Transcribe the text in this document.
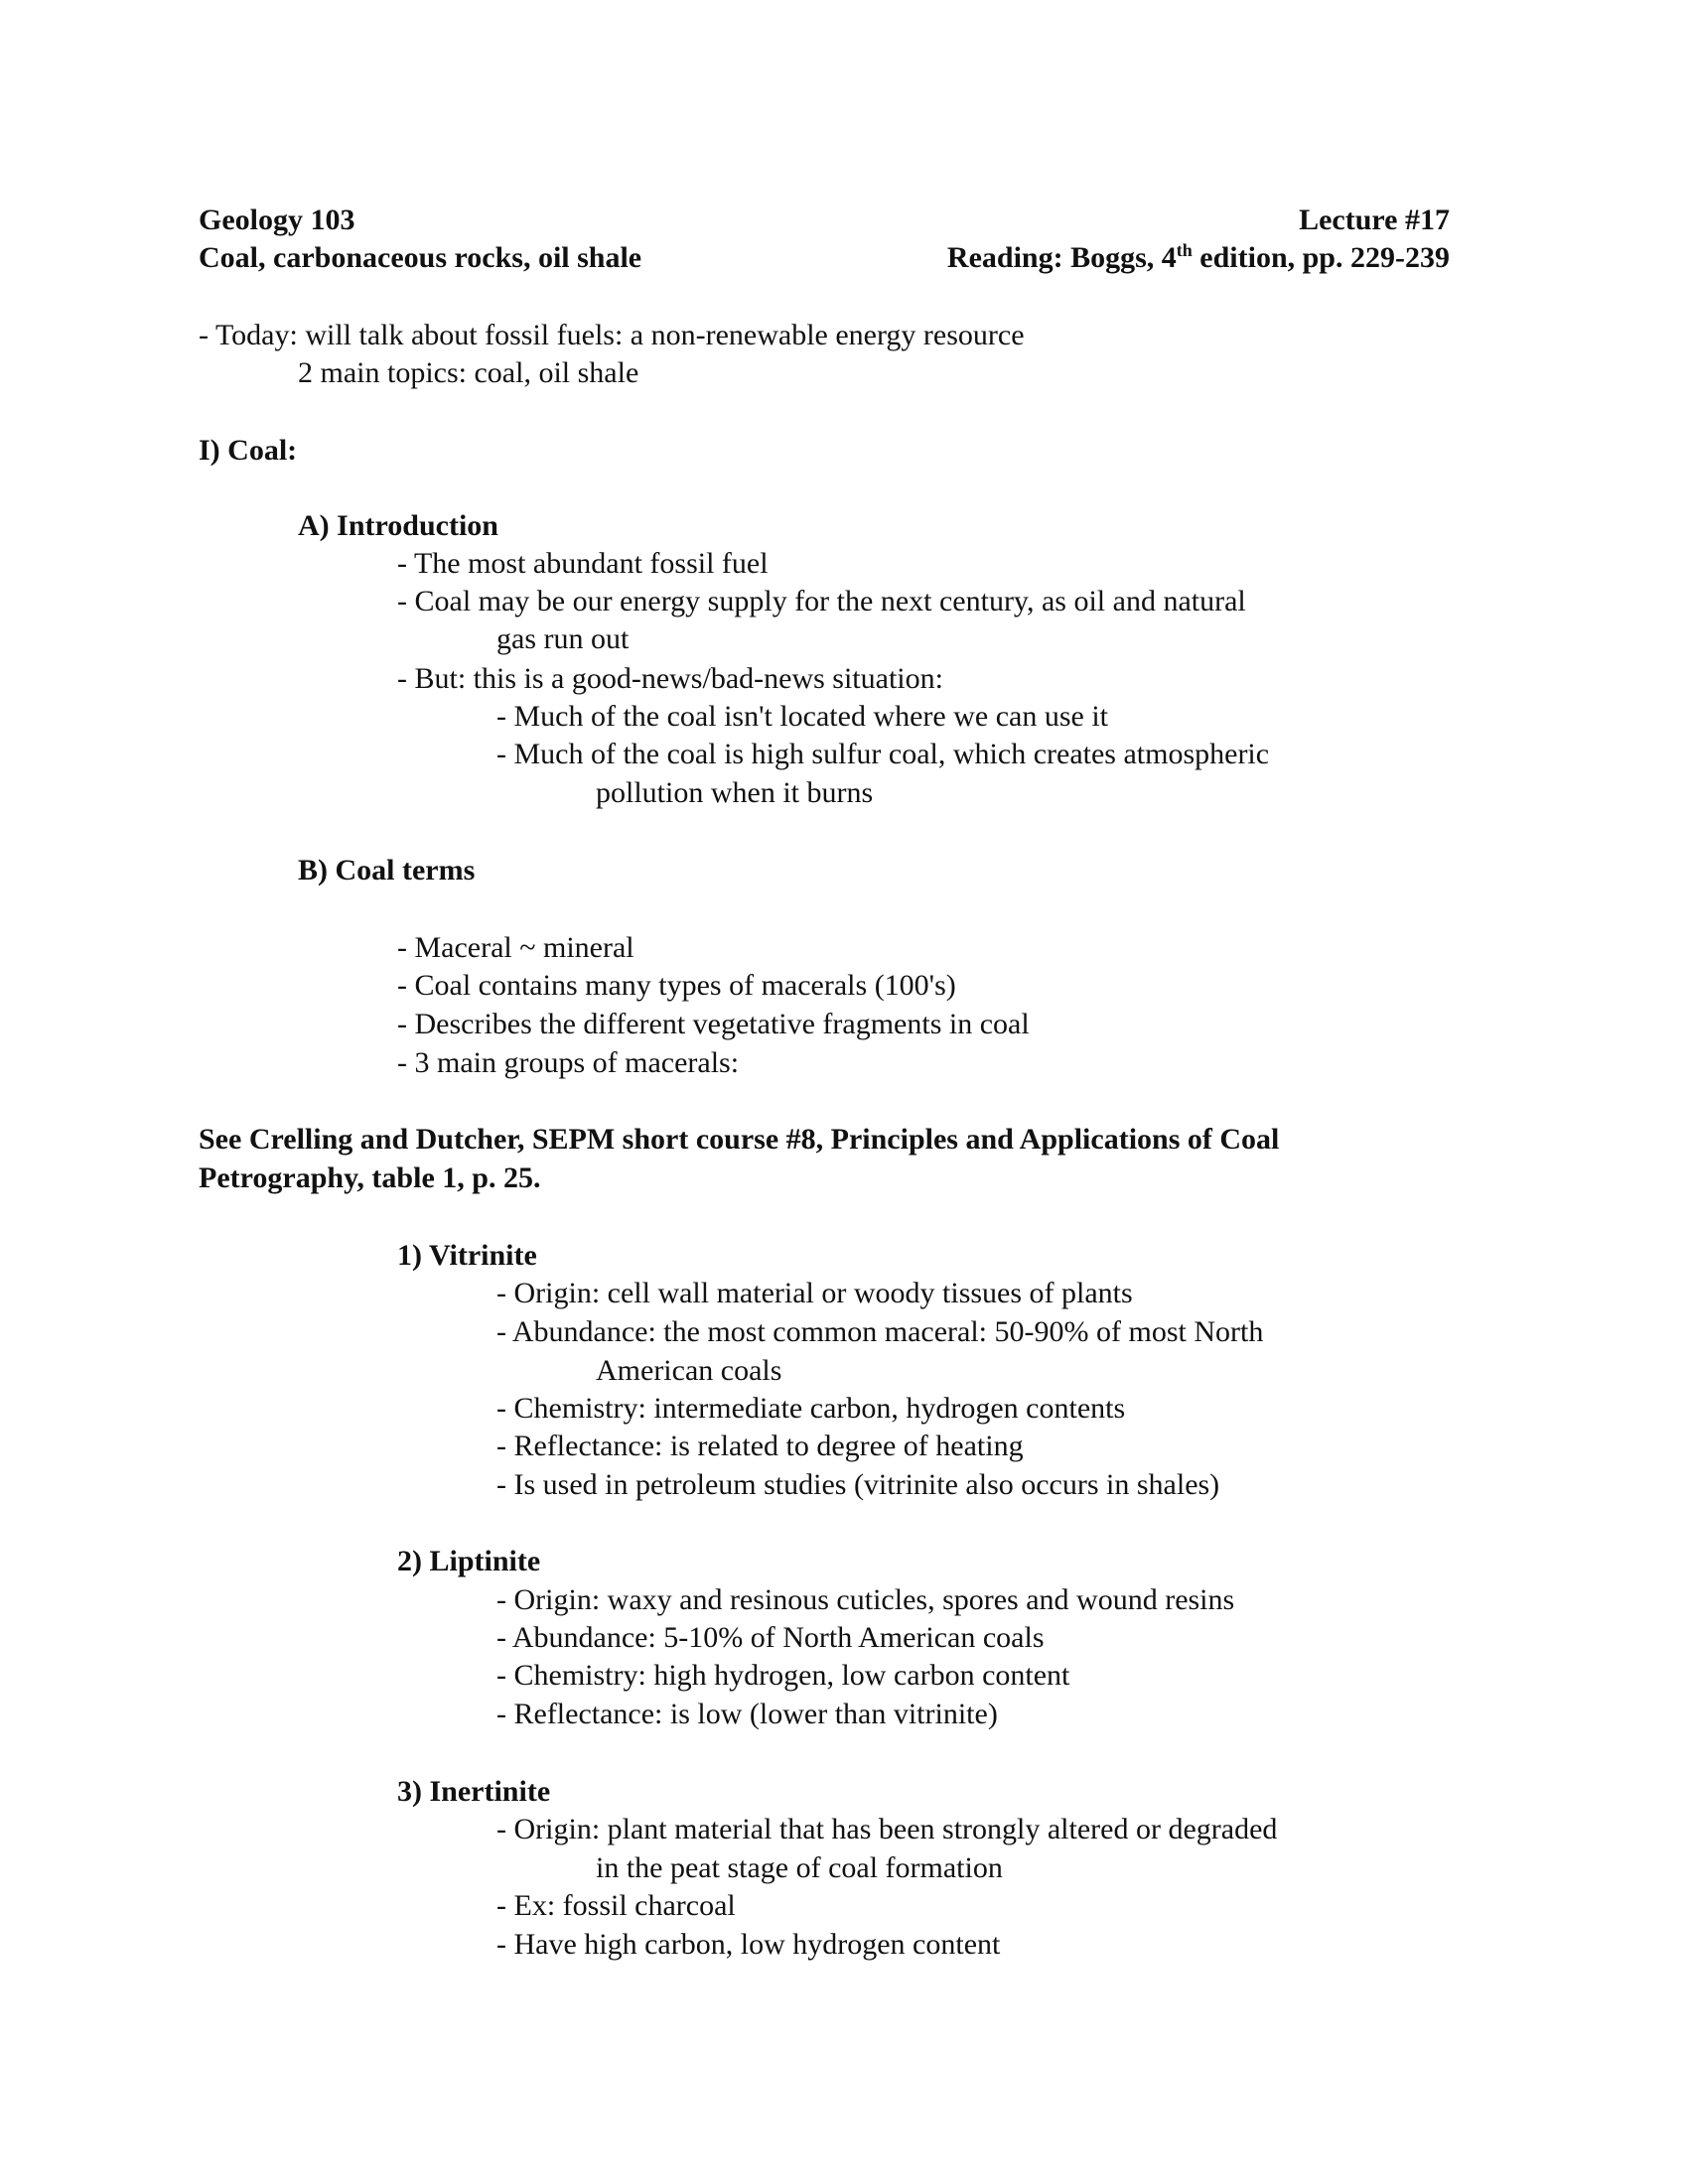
Geology 103	Lecture #17
Coal, carbonaceous rocks, oil shale	Reading: Boggs, 4th edition, pp. 229-239
- Today: will talk about fossil fuels: a non-renewable energy resource
2 main topics: coal, oil shale
I) Coal:
A) Introduction
- The most abundant fossil fuel
- Coal may be our energy supply for the next century, as oil and natural
gas run out
- But: this is a good-news/bad-news situation:
- Much of the coal isn't located where we can use it
- Much of the coal is high sulfur coal, which creates atmospheric
pollution when it burns
B) Coal terms
- Maceral ~ mineral
- Coal contains many types of macerals (100's)
- Describes the different vegetative fragments in coal
- 3 main groups of macerals:
See Crelling and Dutcher, SEPM short course #8, Principles and Applications of Coal
Petrography, table 1, p. 25.
1) Vitrinite
- Origin: cell wall material or woody tissues of plants
- Abundance: the most common maceral: 50-90% of most North
American coals
- Chemistry: intermediate carbon, hydrogen contents
- Reflectance: is related to degree of heating
- Is used in petroleum studies (vitrinite also occurs in shales)
2) Liptinite
- Origin: waxy and resinous cuticles, spores and wound resins
- Abundance: 5-10% of North American coals
- Chemistry: high hydrogen, low carbon content
- Reflectance: is low (lower than vitrinite)
3) Inertinite
- Origin: plant material that has been strongly altered or degraded
in the peat stage of coal formation
- Ex: fossil charcoal
- Have high carbon, low hydrogen content
